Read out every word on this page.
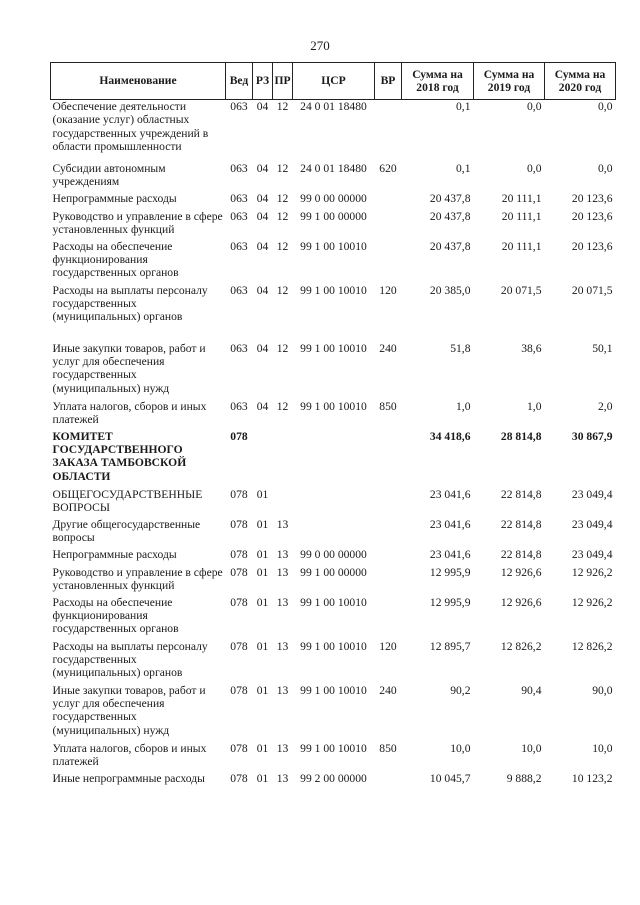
270
Наименование	Вед	РЗ	ПР	ЦСР	ВР	Сумма на 2018 год	Сумма на 2019 год	Сумма на 2020 год
Обеспечение деятельности (оказание услуг) областных государственных учреждений в области промышленности	063	04	12	24 0 01 18480		0,1	0,0	0,0
Субсидии автономным учреждениям	063	04	12	24 0 01 18480	620	0,1	0,0	0,0
Непрограммные расходы	063	04	12	99 0 00 00000		20 437,8	20 111,1	20 123,6
Руководство и управление в сфере установленных функций	063	04	12	99 1 00 00000		20 437,8	20 111,1	20 123,6
Расходы на обеспечение функционирования государственных органов	063	04	12	99 1 00 10010		20 437,8	20 111,1	20 123,6
Расходы на выплаты персоналу государственных (муниципальных) органов	063	04	12	99 1 00 10010	120	20 385,0	20 071,5	20 071,5
Иные закупки товаров, работ и услуг для обеспечения государственных (муниципальных) нужд	063	04	12	99 1 00 10010	240	51,8	38,6	50,1
Уплата налогов, сборов и иных платежей	063	04	12	99 1 00 10010	850	1,0	1,0	2,0
КОМИТЕТ ГОСУДАРСТВЕННОГО ЗАКАЗА ТАМБОВСКОЙ ОБЛАСТИ	078					34 418,6	28 814,8	30 867,9
ОБЩЕГОСУДАРСТВЕННЫЕ ВОПРОСЫ	078	01				23 041,6	22 814,8	23 049,4
Другие общегосударственные вопросы	078	01	13			23 041,6	22 814,8	23 049,4
Непрограммные расходы	078	01	13	99 0 00 00000		23 041,6	22 814,8	23 049,4
Руководство и управление в сфере установленных функций	078	01	13	99 1 00 00000		12 995,9	12 926,6	12 926,2
Расходы на обеспечение функционирования государственных органов	078	01	13	99 1 00 10010		12 995,9	12 926,6	12 926,2
Расходы на выплаты персоналу государственных (муниципальных) органов	078	01	13	99 1 00 10010	120	12 895,7	12 826,2	12 826,2
Иные закупки товаров, работ и услуг для обеспечения государственных (муниципальных) нужд	078	01	13	99 1 00 10010	240	90,2	90,4	90,0
Уплата налогов, сборов и иных платежей	078	01	13	99 1 00 10010	850	10,0	10,0	10,0
Иные непрограммные расходы	078	01	13	99 2 00 00000		10 045,7	9 888,2	10 123,2
